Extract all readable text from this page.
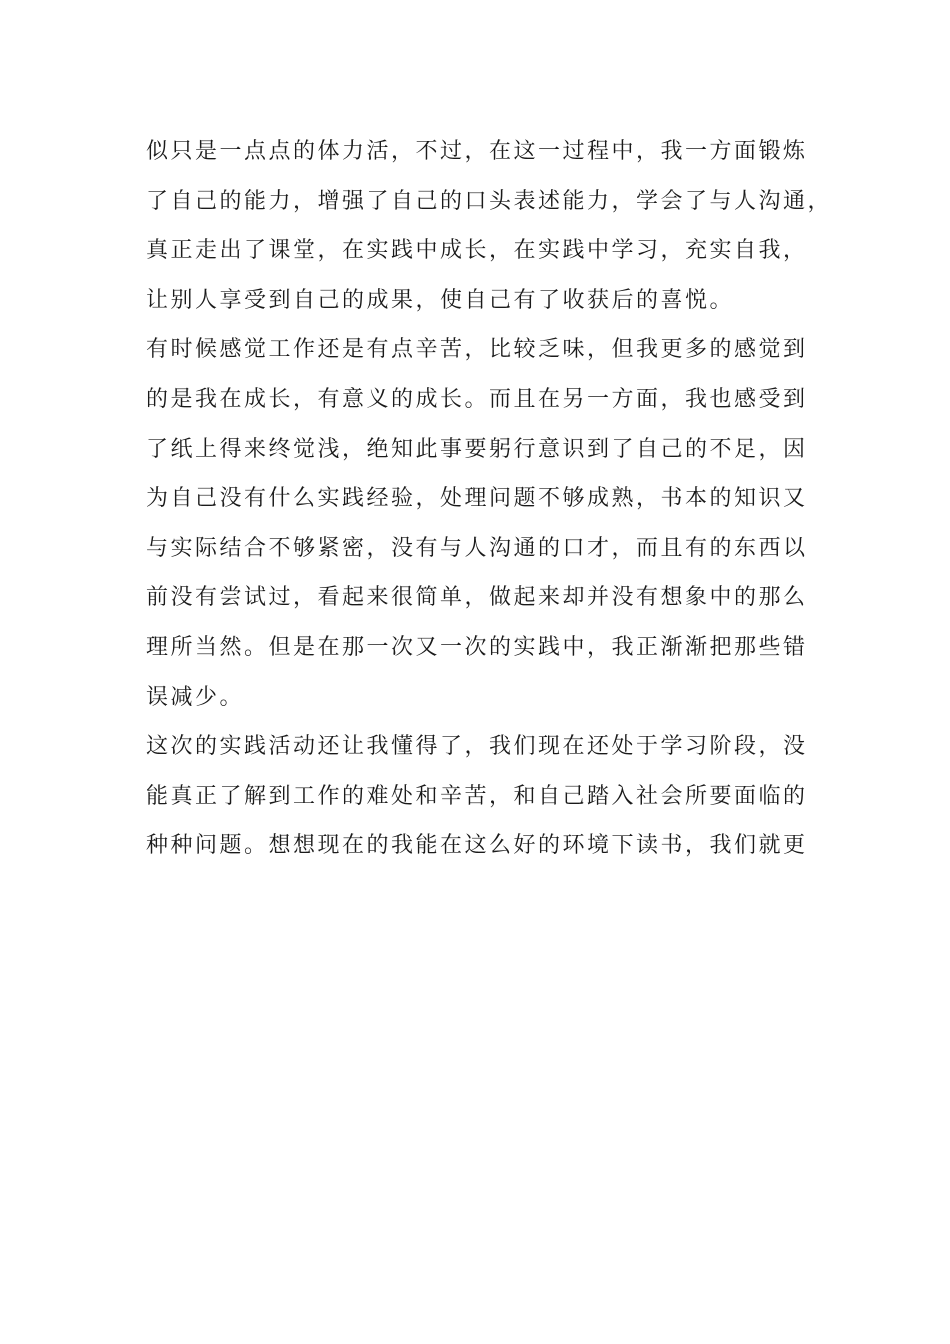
似只是一点点的体力活，不过，在这一过程中，我一方面锻炼
了自己的能力，增强了自己的口头表述能力，学会了与人沟通，
真正走出了课堂，在实践中成长，在实践中学习，充实自我，
让别人享受到自己的成果，使自己有了收获后的喜悦。
有时候感觉工作还是有点辛苦，比较乏味，但我更多的感觉到
的是我在成长，有意义的成长。而且在另一方面，我也感受到
了纸上得来终觉浅，绝知此事要躬行意识到了自己的不足，因
为自己没有什么实践经验，处理问题不够成熟，书本的知识又
与实际结合不够紧密，没有与人沟通的口才，而且有的东西以
前没有尝试过，看起来很简单，做起来却并没有想象中的那么
理所当然。但是在那一次又一次的实践中，我正渐渐把那些错
误减少。
这次的实践活动还让我懂得了，我们现在还处于学习阶段，没
能真正了解到工作的难处和辛苦，和自己踏入社会所要面临的
种种问题。想想现在的我能在这么好的环境下读书，我们就更
